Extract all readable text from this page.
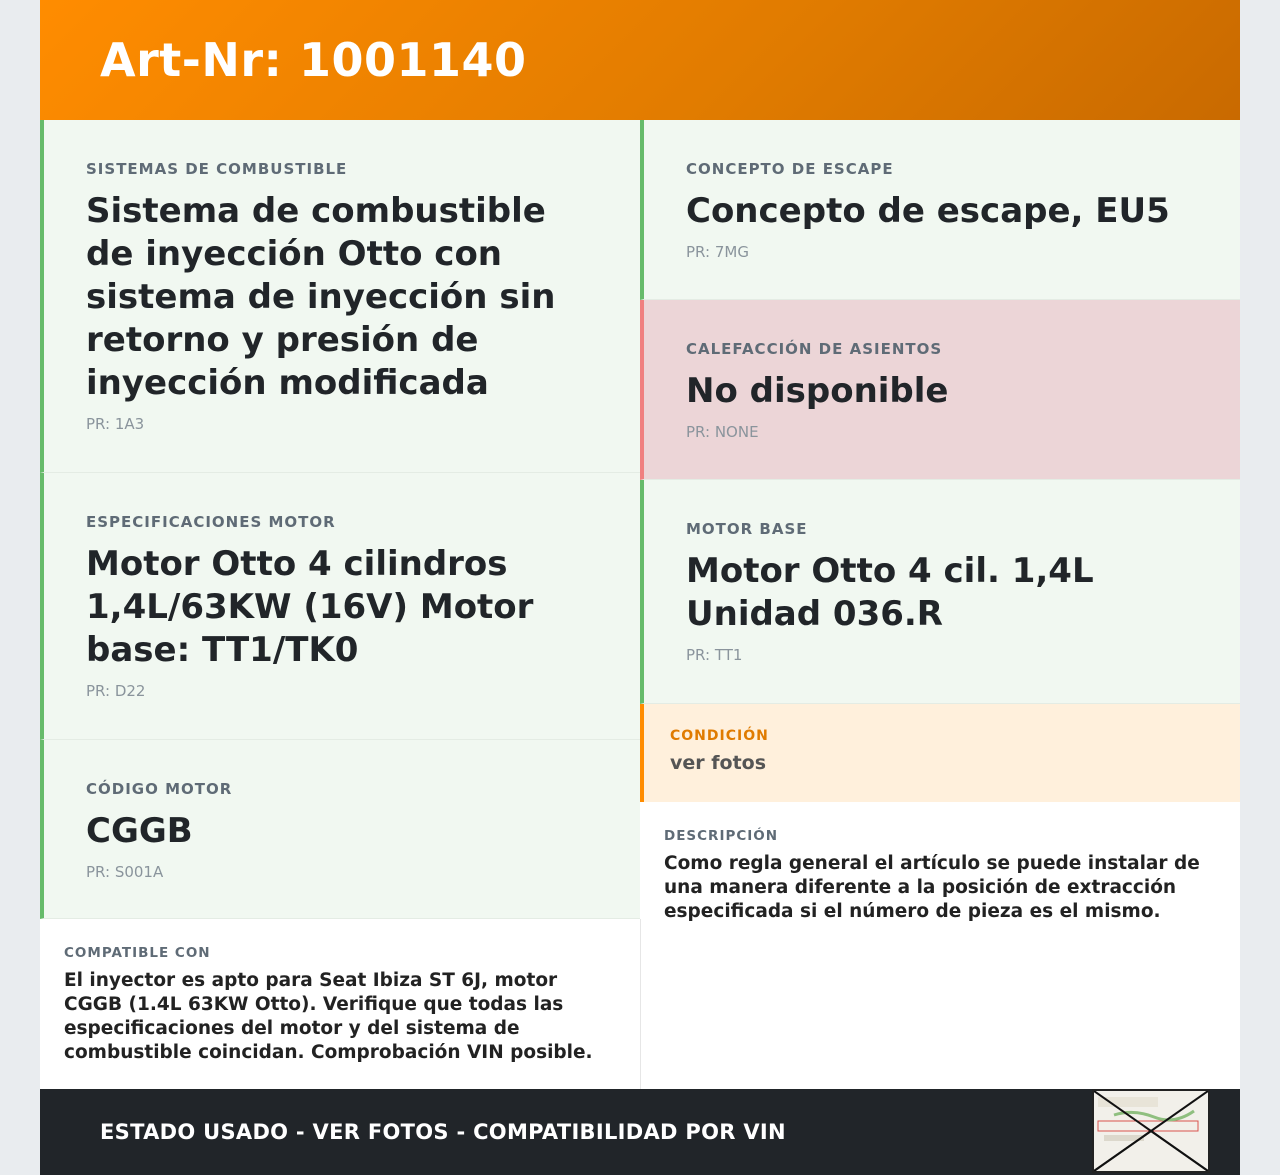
Art-Nr: 1001140
SISTEMAS DE COMBUSTIBLE
Sistema de combustible de inyección Otto con sistema de inyección sin retorno y presión de inyección modificada
PR: 1A3
ESPECIFICACIONES MOTOR
Motor Otto 4 cilindros 1,4L/63KW (16V) Motor base: TT1/TK0
PR: D22
CÓDIGO MOTOR
CGGB
PR: S001A
COMPATIBLE CON
El inyector es apto para Seat Ibiza ST 6J, motor CGGB (1.4L 63KW Otto). Verifique que todas las especificaciones del motor y del sistema de combustible coincidan. Comprobación VIN posible.
CONCEPTO DE ESCAPE
Concepto de escape, EU5
PR: 7MG
CALEFACCIÓN DE ASIENTOS
No disponible
PR: NONE
MOTOR BASE
Motor Otto 4 cil. 1,4L Unidad 036.R
PR: TT1
CONDICIÓN
ver fotos
DESCRIPCIÓN
Como regla general el artículo se puede instalar de una manera diferente a la posición de extracción especificada si el número de pieza es el mismo.
ESTADO USADO - VER FOTOS - COMPATIBILIDAD POR VIN
